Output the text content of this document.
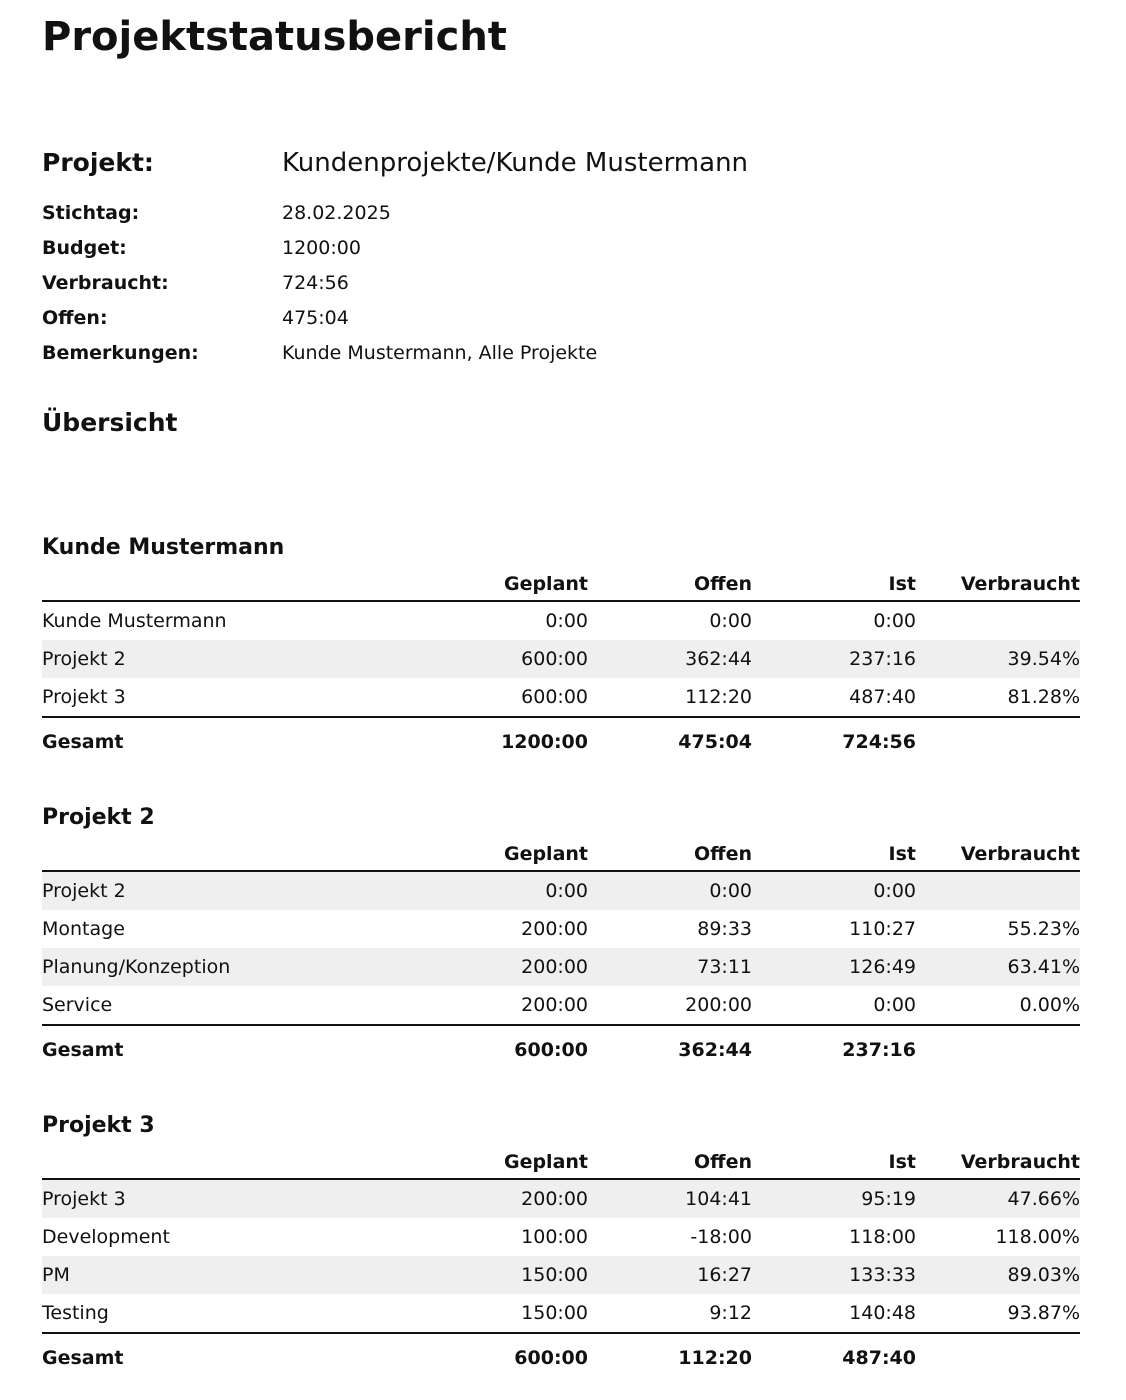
Projektstatusbericht
Projekt:	Kundenprojekte/Kunde Mustermann
Stichtag:	28.02.2025
Budget:	1200:00
Verbraucht:	724:56
Offen:	475:04
Bemerkungen:	Kunde Mustermann, Alle Projekte
Übersicht
Kunde Mustermann
	Geplant	Offen	Ist	Verbraucht
Kunde Mustermann	0:00	0:00	0:00	
Projekt 2	600:00	362:44	237:16	39.54%
Projekt 3	600:00	112:20	487:40	81.28%
Gesamt	1200:00	475:04	724:56	
Projekt 2
	Geplant	Offen	Ist	Verbraucht
Projekt 2	0:00	0:00	0:00	
Montage	200:00	89:33	110:27	55.23%
Planung/Konzeption	200:00	73:11	126:49	63.41%
Service	200:00	200:00	0:00	0.00%
Gesamt	600:00	362:44	237:16	
Projekt 3
	Geplant	Offen	Ist	Verbraucht
Projekt 3	200:00	104:41	95:19	47.66%
Development	100:00	-18:00	118:00	118.00%
PM	150:00	16:27	133:33	89.03%
Testing	150:00	9:12	140:48	93.87%
Gesamt	600:00	112:20	487:40	
